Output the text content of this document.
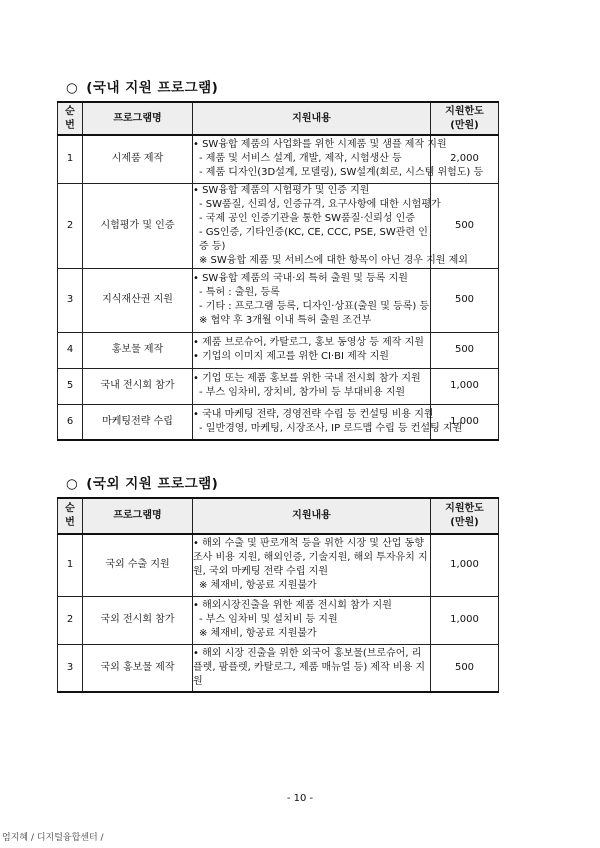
○ (국내 지원 프로그램)
순
번	프로그램명	지원내용	지원한도
(만원)
1	시제품 제작	• SW융합 제품의 사업화를 위한 시제품 및 샘플 제작 지원
- 제품 및 서비스 설계, 개발, 제작, 시험생산 등
- 제품 디자인(3D설계, 모델링), SW설계(회로, 시스템 위험도) 등	2,000
2	시험평가 및 인증	• SW융합 제품의 시험평가 및 인증 지원
- SW품질, 신뢰성, 인증규격, 요구사항에 대한 시험평가
- 국제 공인 인증기관을 통한 SW품질·신뢰성 인증
- GS인증, 기타인증(KC, CE, CCC, PSE, SW관련 인증 등)
※ SW융합 제품 및 서비스에 대한 항목이 아닌 경우 지원 제외	500
3	지식재산권 지원	• SW융합 제품의 국내·외 특허 출원 및 등록 지원
- 특허 : 출원, 등록
- 기타 : 프로그램 등록, 디자인·상표(출원 및 등록) 등
※ 협약 후 3개월 이내 특허 출원 조건부	500
4	홍보물 제작	• 제품 브로슈어, 카탈로그, 홍보 동영상 등 제작 지원
• 기업의 이미지 제고를 위한 CI·BI 제작 지원	500
5	국내 전시회 참가	• 기업 또는 제품 홍보를 위한 국내 전시회 참가 지원
- 부스 임차비, 장치비, 참가비 등 부대비용 지원	1,000
6	마케팅전략 수립	• 국내 마케팅 전략, 경영전략 수립 등 컨설팅 비용 지원
- 일반경영, 마케팅, 시장조사, IP 로드맵 수립 등 컨설팅 지원	1,000
○ (국외 지원 프로그램)
순
번	프로그램명	지원내용	지원한도
(만원)
1	국외 수출 지원	• 해외 수출 및 판로개척 등을 위한 시장 및 산업 동향 조사 비용 지원, 해외인증, 기술지원, 해외 투자유치 지원, 국외 마케팅 전략 수립 지원
※ 체재비, 항공료 지원불가	1,000
2	국외 전시회 참가	• 해외시장진출을 위한 제품 전시회 참가 지원
- 부스 임차비 및 설치비 등 지원
※ 체재비, 항공료 지원불가	1,000
3	국외 홍보물 제작	• 해외 시장 진출을 위한 외국어 홍보물(브로슈어, 리플렛, 팜플렛, 카탈로그, 제품 매뉴얼 등) 제작 비용 지원	500
- 10 -
엄지혜 / 디지털융합센터 /
